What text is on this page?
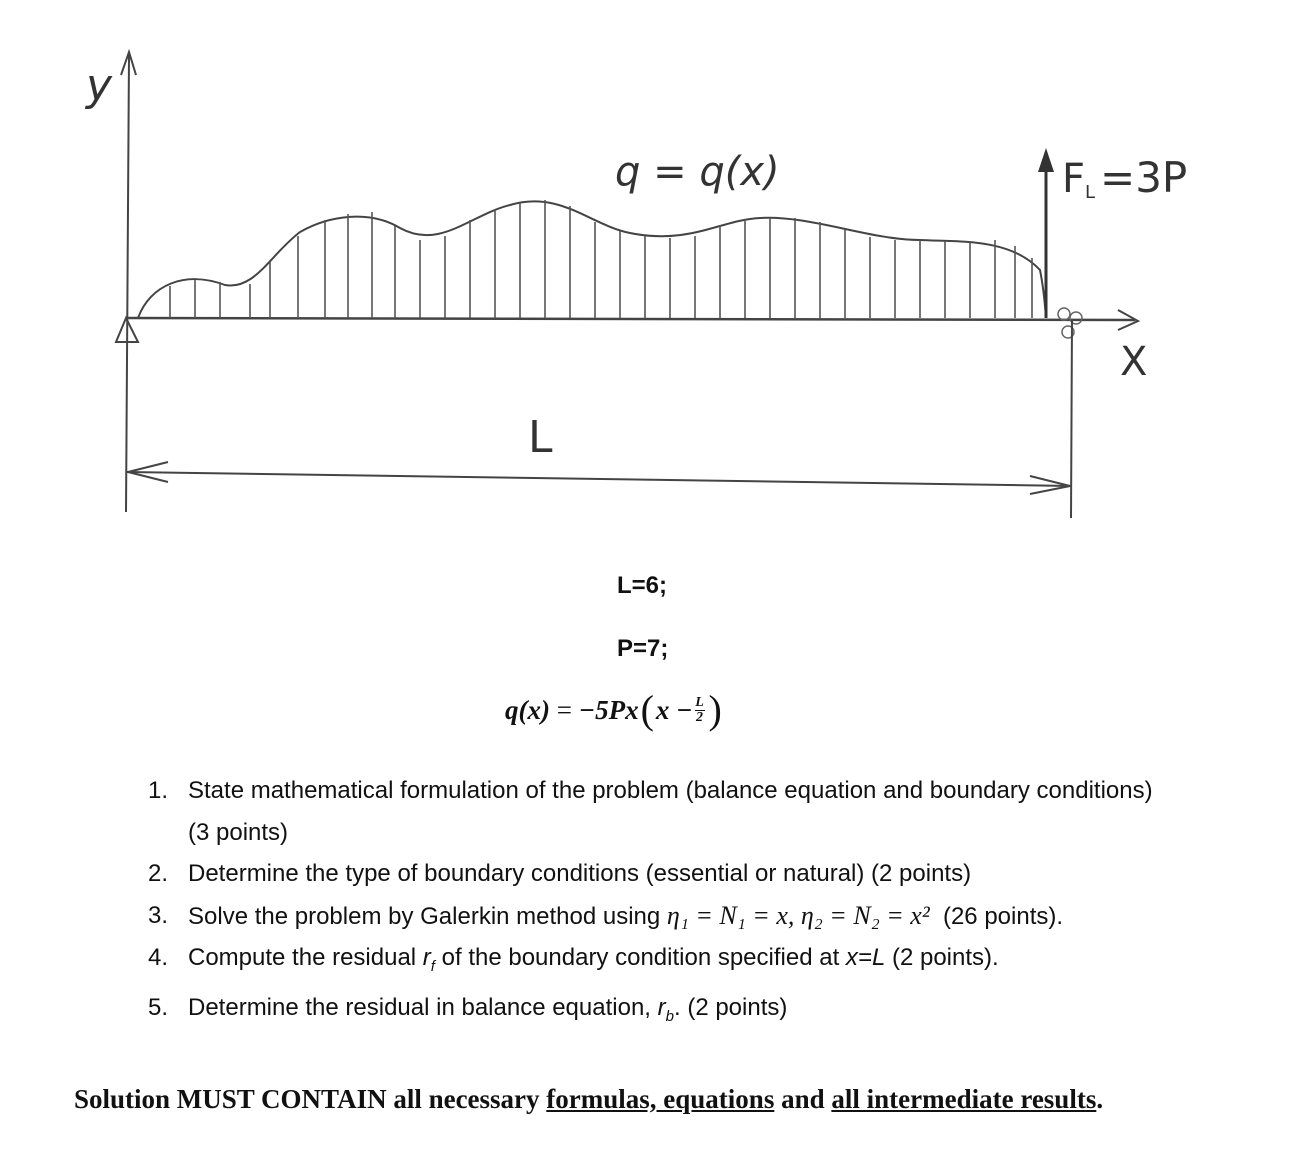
y
X
q = q(x)	F L =3P
L
L=6;
P=7;
q(x) = −5Px ( $x - \frac{L}{2}$ )
1. State mathematical formulation of the problem (balance equation and boundary conditions) (3 points)
2. Determine the type of boundary conditions (essential or natural) (2 points)
3. Solve the problem by Galerkin method using η₁ = N₁ = x, η₂ = N₂ = x²  (26 points).
4. Compute the residual $r_f$ of the boundary condition specified at x=L (2 points).
5. Determine the residual in balance equation, $r_b$. (2 points)
Solution MUST CONTAIN all necessary formulas, equations and all intermediate results.
